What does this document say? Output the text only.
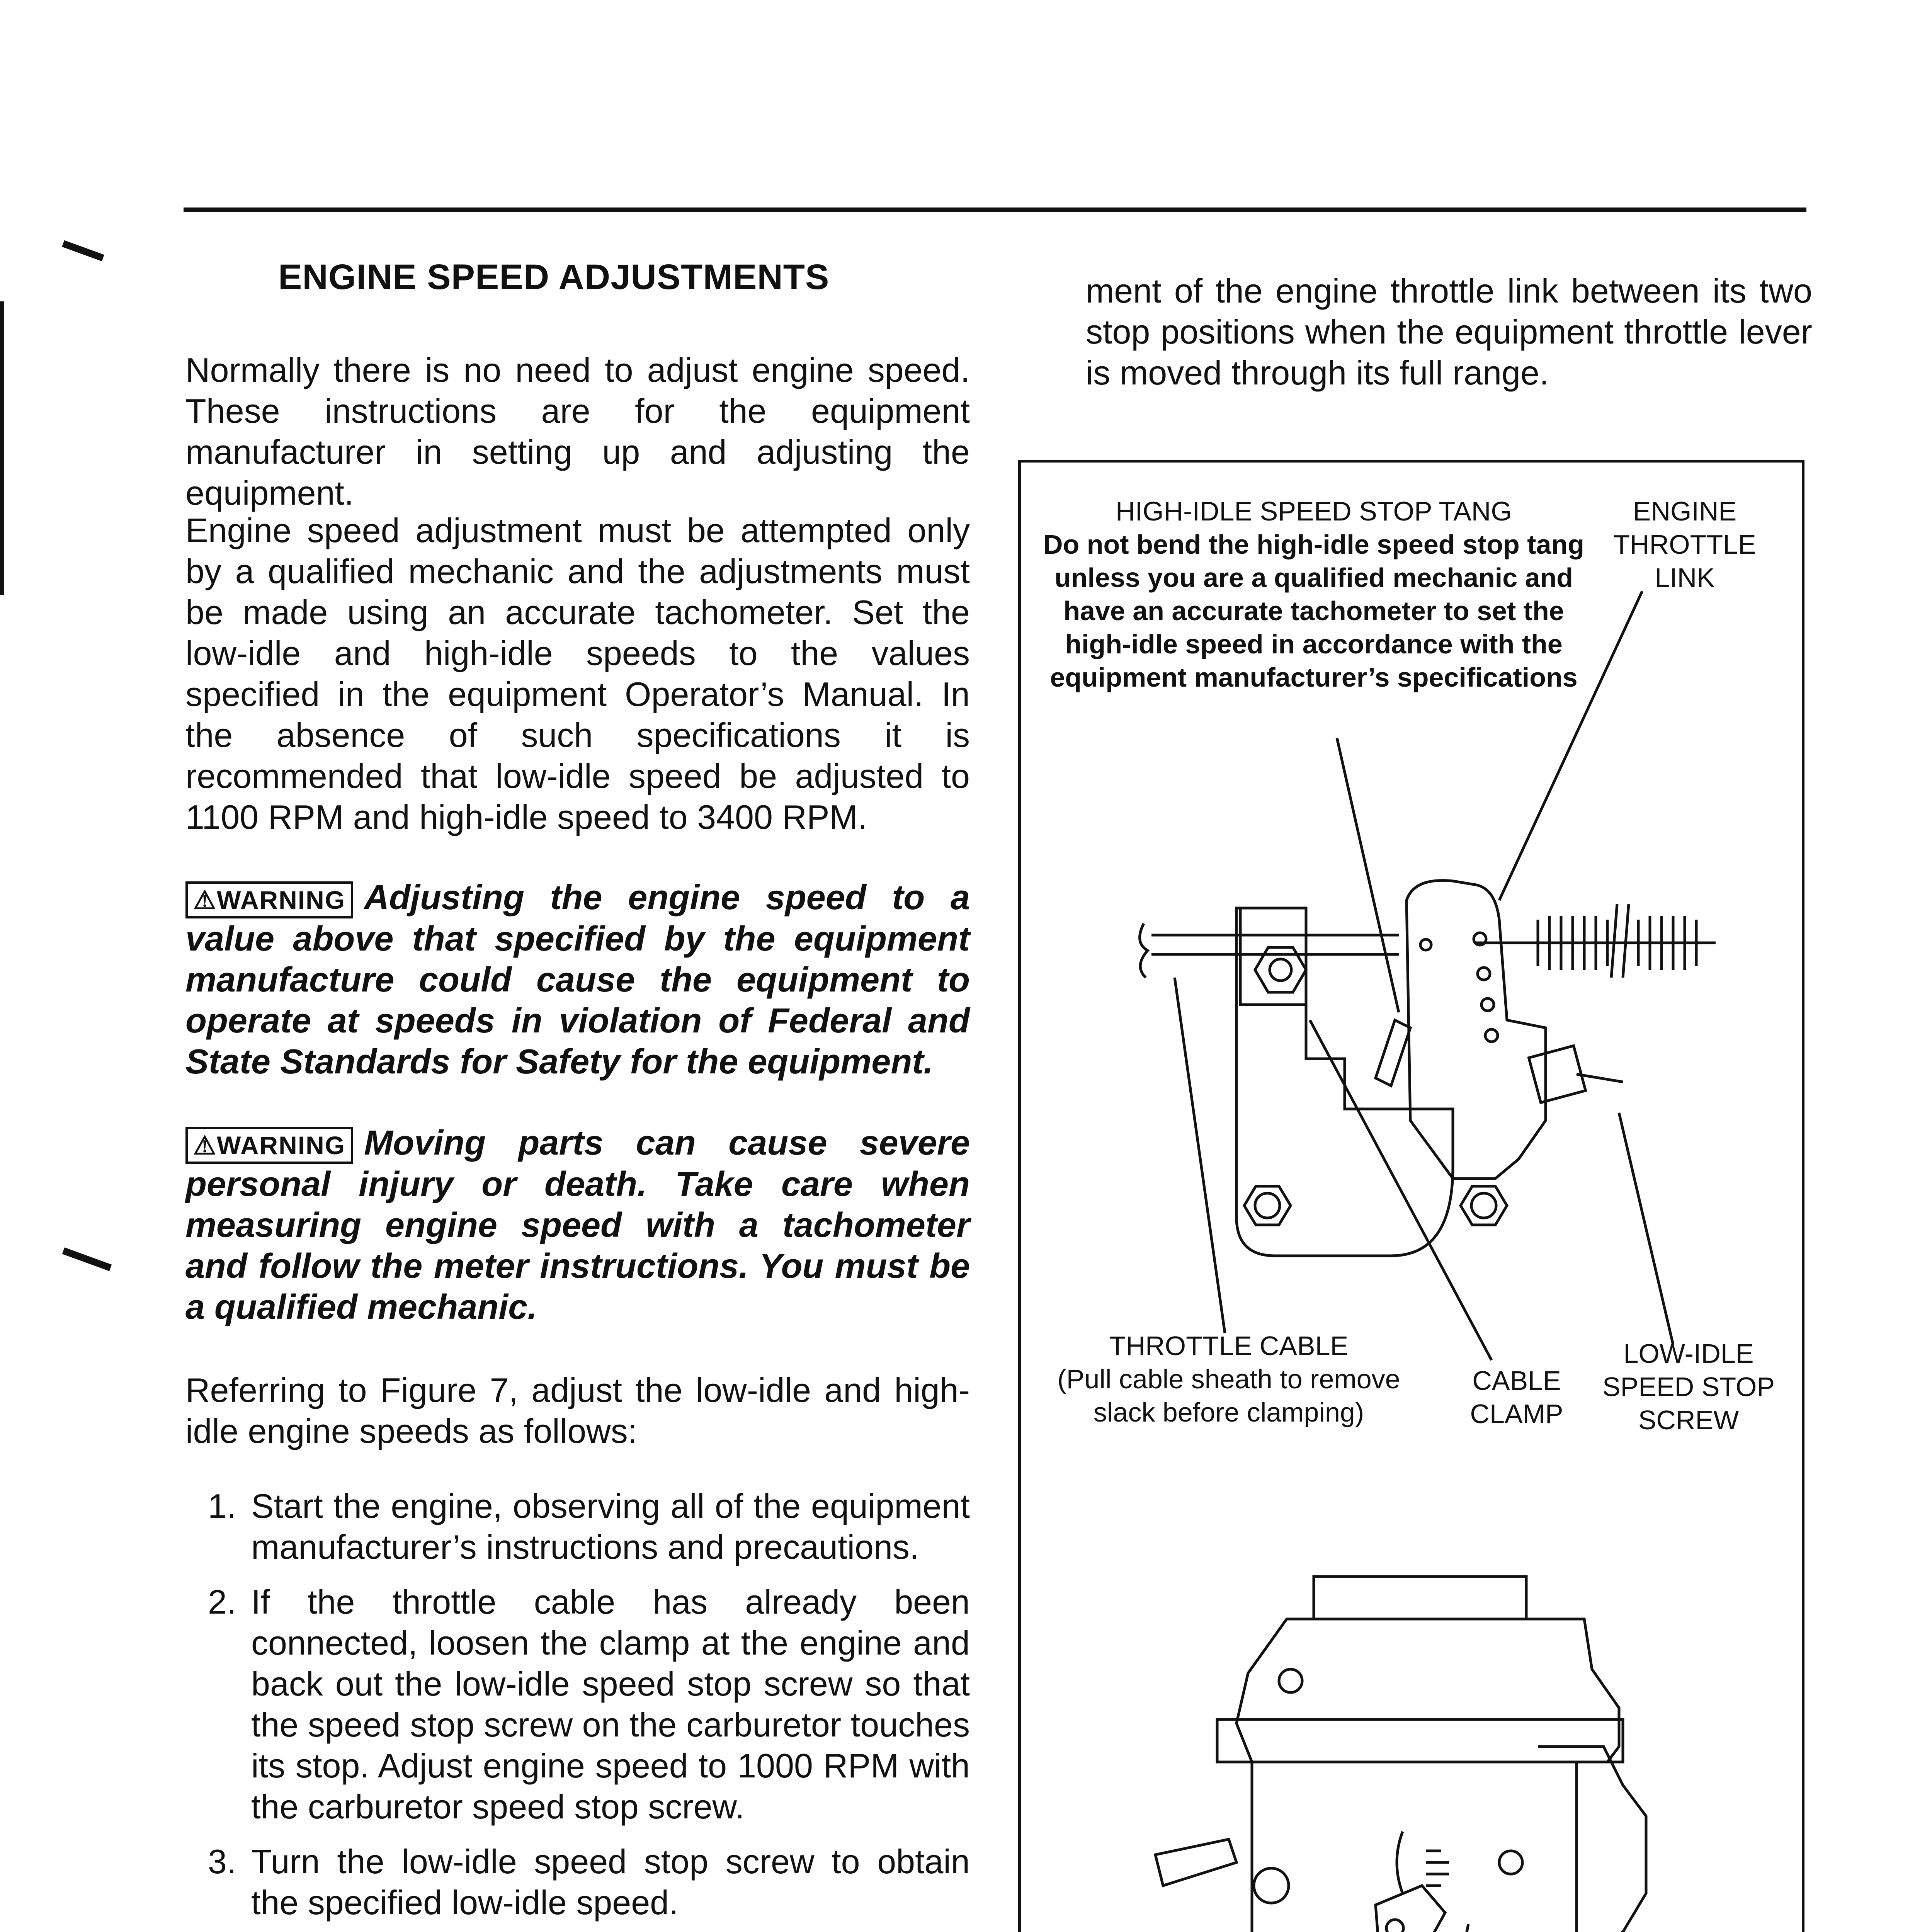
ENGINE SPEED ADJUSTMENTS
Normally there is no need to adjust engine speed. These instructions are for the equipment manufacturer in setting up and adjusting the equipment.
Engine speed adjustment must be attempted only by a qualified mechanic and the adjustments must be made using an accurate tachometer. Set the low-idle and high-idle speeds to the values specified in the equipment Operator’s Manual. In the absence of such specifications it is recommended that low-idle speed be adjusted to 1100 RPM and high-idle speed to 3400 RPM.
⚠WARNING Adjusting the engine speed to a value above that specified by the equipment manufacture could cause the equipment to operate at speeds in violation of Federal and State Standards for Safety for the equipment.
⚠WARNING Moving parts can cause severe personal injury or death. Take care when measuring engine speed with a tachometer and follow the meter instructions. You must be a qualified mechanic.
Referring to Figure 7, adjust the low-idle and high-idle engine speeds as follows:
1. Start the engine, observing all of the equipment manufacturer’s instructions and precautions.
2. If the throttle cable has already been connected, loosen the clamp at the engine and back out the low-idle speed stop screw so that the speed stop screw on the carburetor touches its stop. Adjust engine speed to 1000 RPM with the carburetor speed stop screw.
3. Turn the low-idle speed stop screw to obtain the specified low-idle speed.
ment of the engine throttle link between its two stop positions when the equipment throttle lever is moved through its full range.
HIGH-IDLE SPEED STOP TANG
Do not bend the high-idle speed stop tang unless you are a qualified mechanic and have an accurate tachometer to set the high-idle speed in accordance with the equipment manufacturer’s specifications
ENGINE THROTTLE LINK
THROTTLE CABLE
(Pull cable sheath to remove slack before clamping)
CABLE CLAMP
LOW-IDLE SPEED STOP SCREW
